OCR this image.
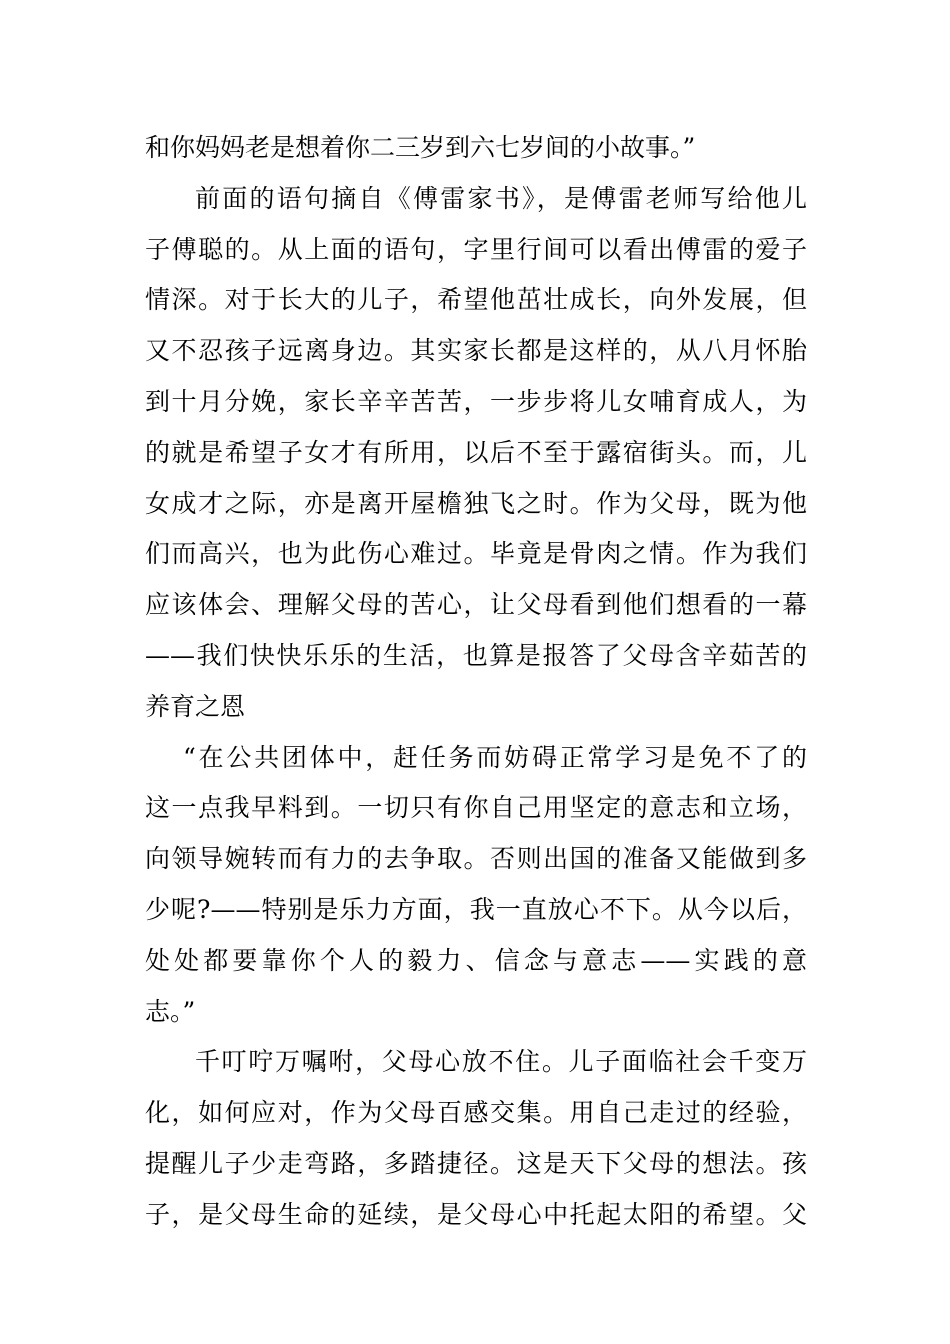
和你妈妈老是想着你二三岁到六七岁间的小故事。”
前面的语句摘自《傅雷家书》，是傅雷老师写给他儿
子傅聪的。从上面的语句，字里行间可以看出傅雷的爱子
情深。对于长大的儿子，希望他茁壮成长，向外发展，但
又不忍孩子远离身边。其实家长都是这样的，从八月怀胎
到十月分娩，家长辛辛苦苦，一步步将儿女哺育成人，为
的就是希望子女才有所用，以后不至于露宿街头。而，儿
女成才之际，亦是离开屋檐独飞之时。作为父母，既为他
们而高兴，也为此伤心难过。毕竟是骨肉之情。作为我们
应该体会、理解父母的苦心，让父母看到他们想看的一幕
——我们快快乐乐的生活，也算是报答了父母含辛茹苦的
养育之恩
“在公共团体中，赶任务而妨碍正常学习是免不了的
这一点我早料到。一切只有你自己用坚定的意志和立场，
向领导婉转而有力的去争取。否则出国的准备又能做到多
少呢?——特别是乐力方面，我一直放心不下。从今以后，
处处都要靠你个人的毅力、信念与意志——实践的意
志。”
千叮咛万嘱咐，父母心放不住。儿子面临社会千变万
化，如何应对，作为父母百感交集。用自己走过的经验，
提醒儿子少走弯路，多踏捷径。这是天下父母的想法。孩
子，是父母生命的延续，是父母心中托起太阳的希望。父
